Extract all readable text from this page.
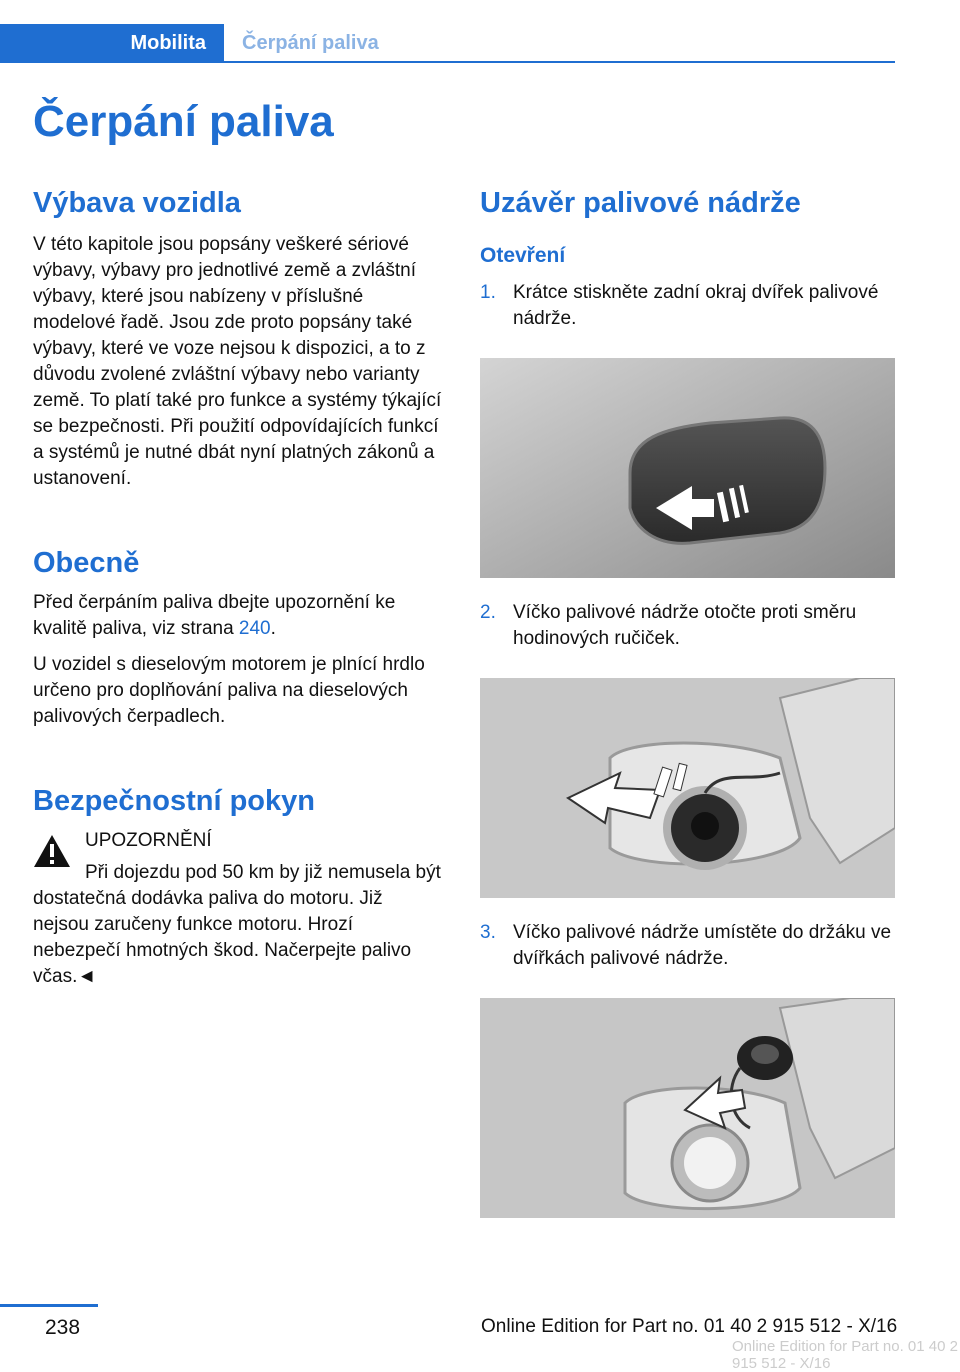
Mobilita Čerpání paliva
Čerpání paliva
Výbava vozidla

V této kapitole jsou popsány veškeré sériové výbavy, výbavy pro jednotlivé země a zvláštní výbavy, které jsou nabízeny v příslušné modelové řadě. Jsou zde proto popsány také výbavy, které ve voze nejsou k dispozici, a to z důvodu zvolené zvláštní výbavy nebo varianty země. To platí také pro funkce a systémy týkající se bezpečnosti. Při použití odpovídajících funkcí a systémů je nutné dbát nyní platných zákonů a ustanovení.

Obecně

Před čerpáním paliva dbejte upozornění ke kvalitě paliva, viz strana 240.

U vozidel s dieselovým motorem je plnící hrdlo určeno pro doplňování paliva na dieselových palivových čerpadlech.

Bezpečnostní pokyn

UPOZORNĚNÍ

Při dojezdu pod 50 km by již nemusela být dostatečná dodávka paliva do motoru. Již nejsou zaručeny funkce motoru. Hrozí nebezpečí hmotných škod. Načerpejte palivo včas.◄

Uzávěr palivové nádrže
Otevření
1. Krátce stiskněte zadní okraj dvířek palivové nádrže.

2. Víčko palivové nádrže otočte proti směru hodinových ručiček.

3. Víčko palivové nádrže umístěte do držáku ve dvířkách palivové nádrže.

238	Online Edition for Part no. 01 40 2 915 512 - X/16
Online Edition for Part no. 01 40 2 915 512 - X/16
